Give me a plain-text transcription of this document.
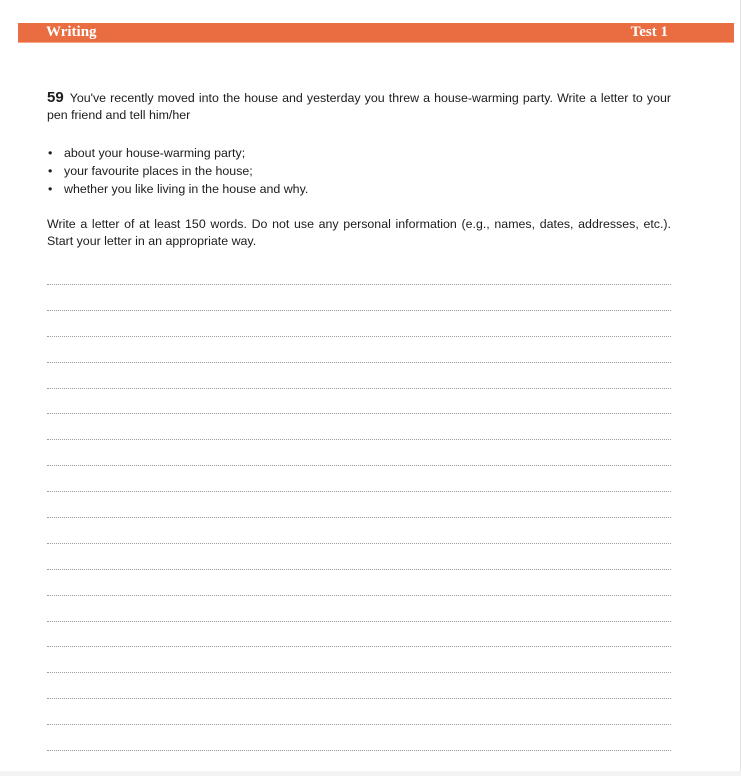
Writing	Test 1

59 You've recently moved into the house and yesterday you threw a house-warming party. Write a letter to your pen friend and tell him/her

• about your house-warming party;
• your favourite places in the house;
• whether you like living in the house and why.

Write a letter of at least 150 words. Do not use any personal information (e.g., names, dates, addresses, etc.). Start your letter in an appropriate way.
